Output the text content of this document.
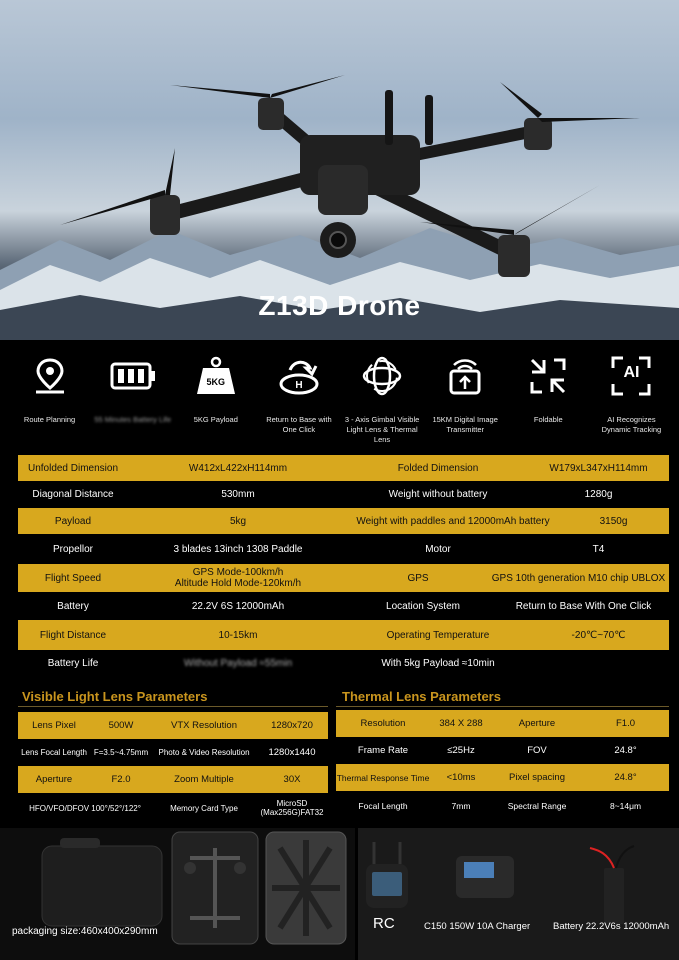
Z13D Drone
Route Planning	55 Minutes Battery Life
5KG
5KG Payload
H
Return to Base with One Click
3 - Axis Gimbal Visible Light Lens & Thermal Lens
15KM Digital Image Transmitter
Foldable
AI
AI Recognizes Dynamic Tracking
Unfolded Dimension	W412xL422xH114mm	Folded Dimension	W179xL347xH114mm
Diagonal Distance	530mm	Weight without battery	1280g
Payload	5kg	Weight with paddles and 12000mAh battery	3150g
Propellor	3 blades 13inch 1308 Paddle	Motor	T4
Flight Speed	GPS Mode-100km/h
Altitude Hold Mode-120km/h	GPS	GPS 10th generation M10 chip UBLOX
Battery	22.2V 6S 12000mAh	Location System	Return to Base With One Click
Flight Distance	10-15km	Operating Temperature	-20℃~70℃
Battery Life	Without Payload ≈55min	With 5kg Payload ≈10min
Visible Light Lens Parameters
Lens Pixel	500W	VTX Resolution	1280x720
Lens Focal Length F=3.5~4.75mm	Photo & Video Resolution	1280x1440
Aperture	F2.0	Zoom Multiple	30X
HFO/VFO/DFOV 100°/52°/122°	Memory Card Type	MicroSD (Max256G)FAT32
Thermal Lens Parameters
Resolution	384 X 288	Aperture	F1.0
Frame Rate	≤25Hz	FOV	24.8°
Thermal Response Time	<10ms	Pixel spacing	24.8°
Focal Length	7mm	Spectral Range	8~14μm
packaging size:460x400x290mm	RC	C150 150W 10A Charger Battery 22.2V6s 12000mAh
